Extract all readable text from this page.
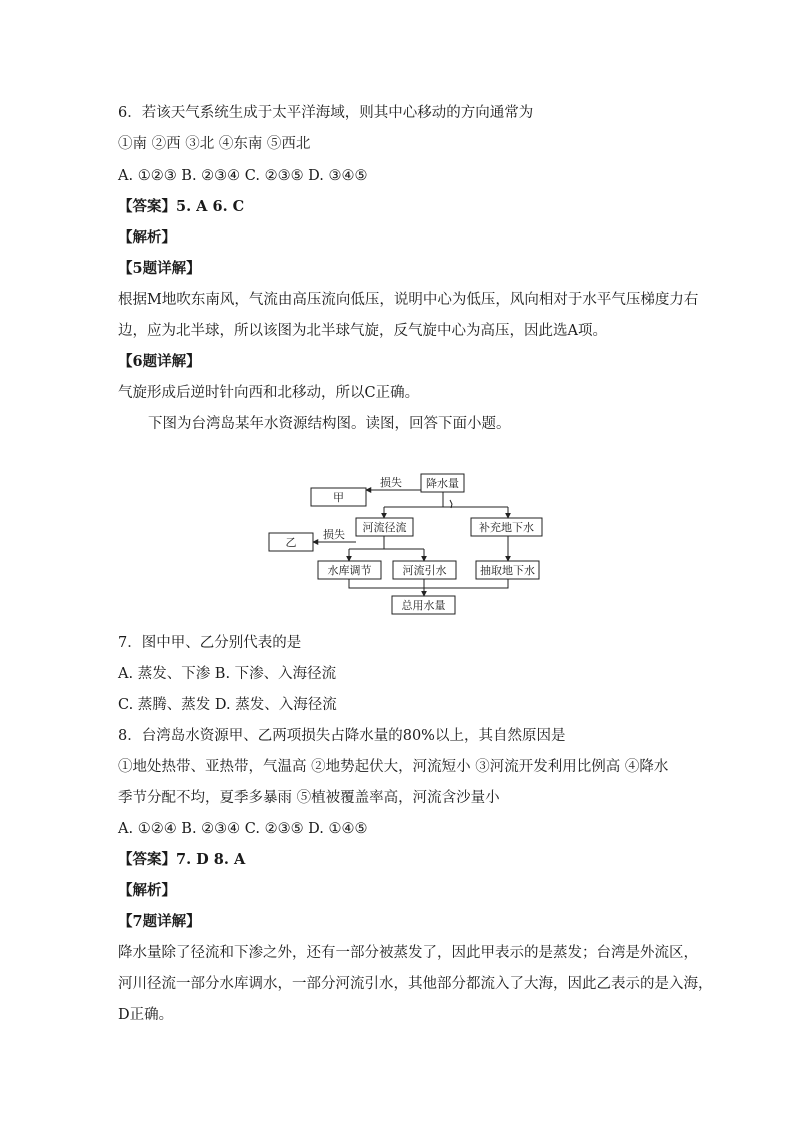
6．若该天气系统生成于太平洋海域，则其中心移动的方向通常为
①南 ②西 ③北 ④东南 ⑤西北
A. ①②③ B. ②③④ C. ②③⑤ D. ③④⑤
【答案】5. A 6. C
【解析】
【5题详解】
根据M地吹东南风，气流由高压流向低压，说明中心为低压，风向相对于水平气压梯度力右
边，应为北半球，所以该图为北半球气旋，反气旋中心为高压，因此选A项。
【6题详解】
气旋形成后逆时针向西和北移动，所以C正确。
下图为台湾岛某年水资源结构图。读图，回答下面小题。
甲
降水量
乙
河流径流	补充地下水
水库调节	河流引水	抽取地下水
总用水量
损失
损失
7．图中甲、乙分别代表的是
A. 蒸发、下渗 B. 下渗、入海径流
C. 蒸腾、蒸发 D. 蒸发、入海径流
8．台湾岛水资源甲、乙两项损失占降水量的80%以上，其自然原因是
①地处热带、亚热带，气温高 ②地势起伏大，河流短小 ③河流开发利用比例高 ④降水
季节分配不均，夏季多暴雨 ⑤植被覆盖率高，河流含沙量小
A. ①②④ B. ②③④ C. ②③⑤ D. ①④⑤
【答案】7. D 8. A
【解析】
【7题详解】
降水量除了径流和下渗之外，还有一部分被蒸发了，因此甲表示的是蒸发；台湾是外流区，
河川径流一部分水库调水，一部分河流引水，其他部分都流入了大海，因此乙表示的是入海，
D正确。
